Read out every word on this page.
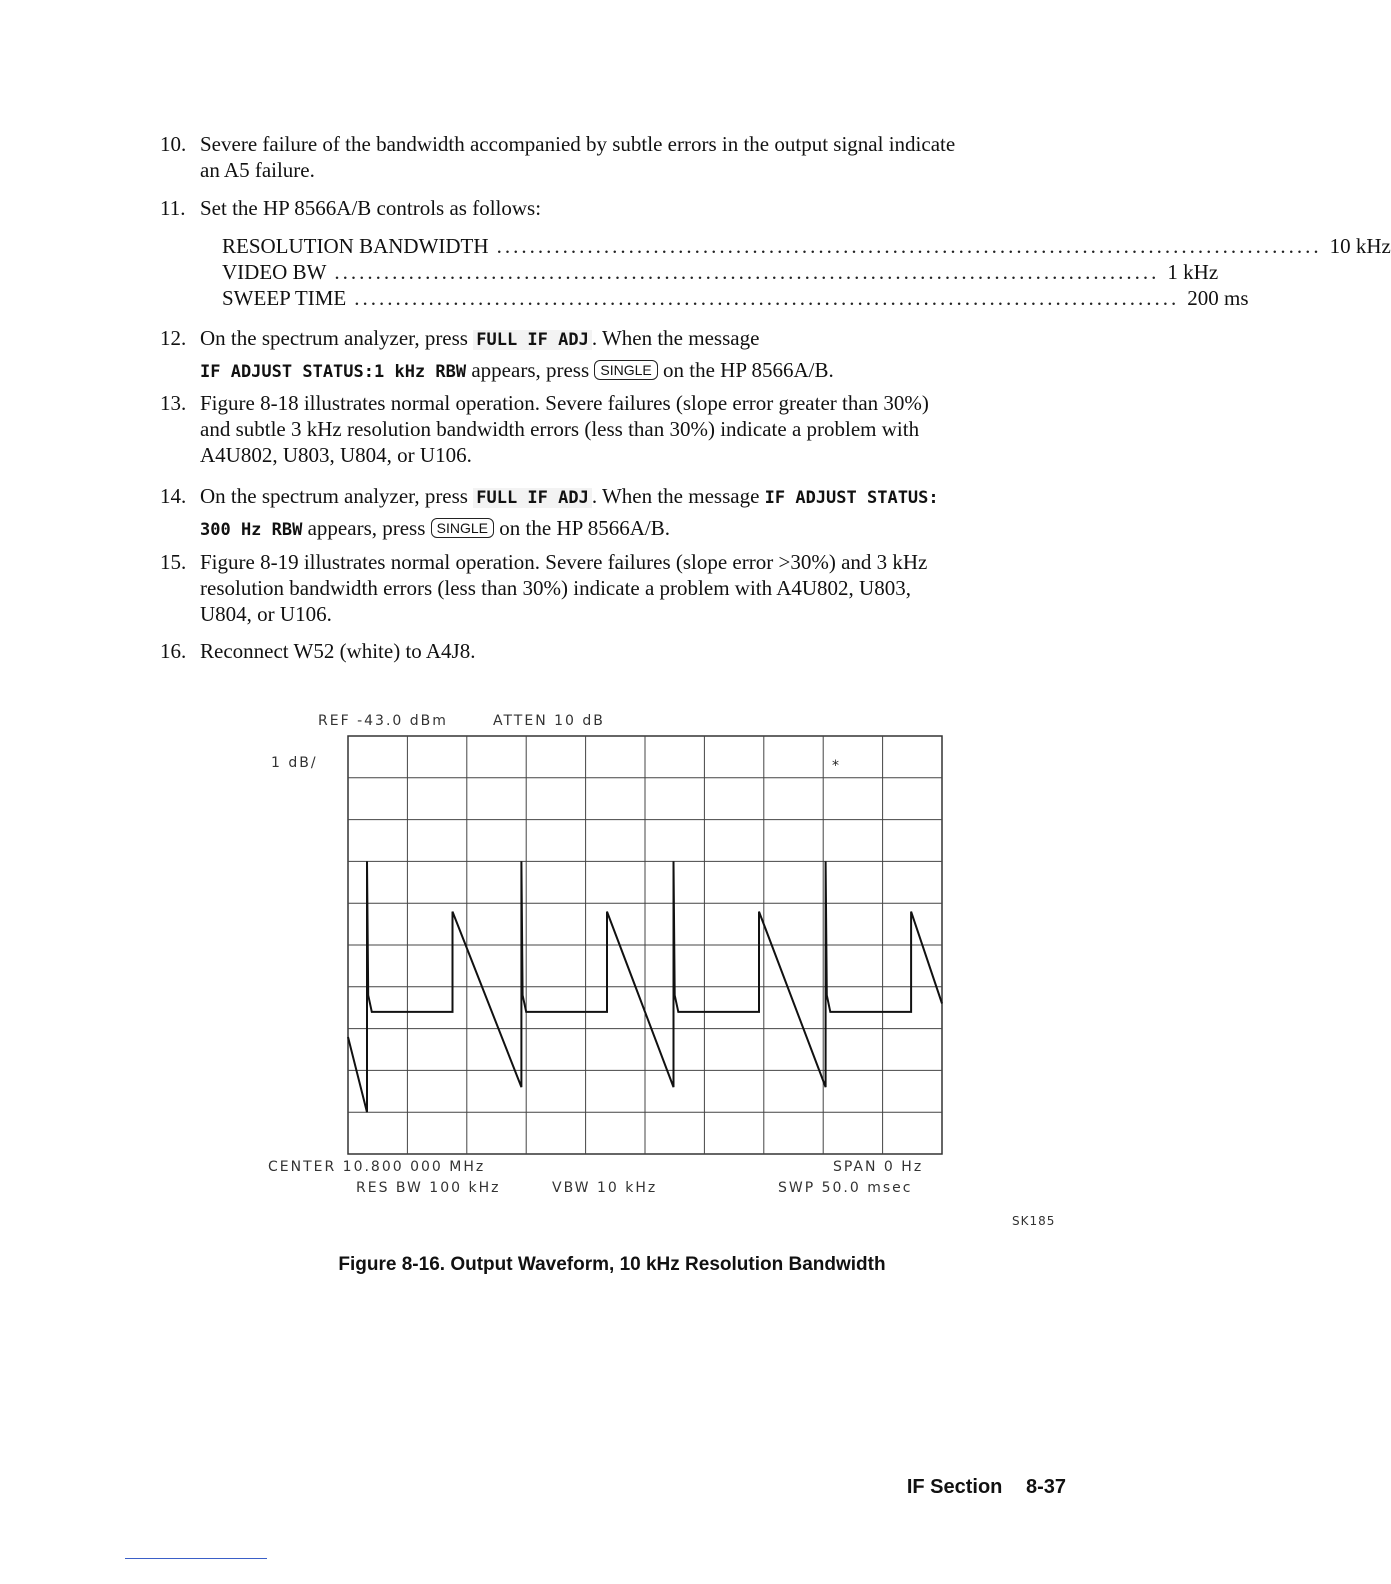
10. Severe failure of the bandwidth accompanied by subtle errors in the output signal indicate
an A5 failure.
11. Set the HP 8566A/B controls as follows:
RESOLUTION BANDWIDTH .................................................................................................... 10 kHz
VIDEO BW .................................................................................................... 1 kHz
SWEEP TIME .................................................................................................... 200 ms
12. On the spectrum analyzer, press FULL IF ADJ . When the message
IF ADJUST STATUS:1 kHz RBW appears, press SINGLE on the HP 8566A/B.
13. Figure 8-18 illustrates normal operation. Severe failures (slope error greater than 30%)
and subtle 3 kHz resolution bandwidth errors (less than 30%) indicate a problem with
A4U802, U803, U804, or U106.
14. On the spectrum analyzer, press FULL IF ADJ . When the message IF ADJUST STATUS:
300 Hz RBW appears, press SINGLE on the HP 8566A/B.
15. Figure 8-19 illustrates normal operation. Severe failures (slope error >30%) and 3 kHz
resolution bandwidth errors (less than 30%) indicate a problem with A4U802, U803,
U804, or U106.
16. Reconnect W52 (white) to A4J8.
REF -43.0 dBm	ATTEN 10 dB
1 dB/
CENTER 10.800 000 MHz	SPAN 0 Hz
RES BW 100 kHz	VBW 10 kHz	SWP 50.0 msec
SK185
*
Figure 8-16. Output Waveform, 10 kHz Resolution Bandwidth
IF Section 8-37
